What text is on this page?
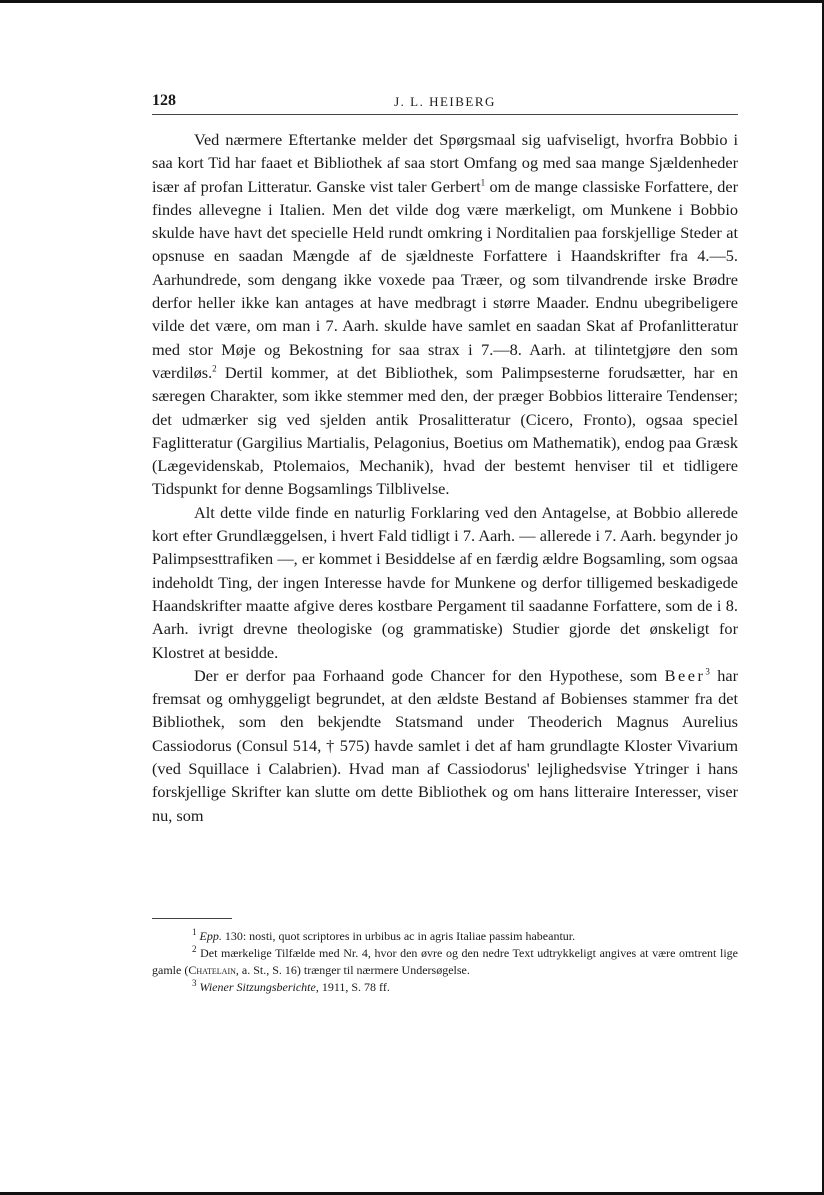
128	J. L. HEIBERG

Ved nærmere Eftertanke melder det Spørgsmaal sig uafviseligt, hvorfra Bobbio i saa kort Tid har faaet et Bibliothek af saa stort Omfang og med saa mange Sjældenheder især af profan Litteratur. Ganske vist taler Gerbert$^1$ om de mange classiske Forfattere, der findes allevegne i Italien. Men det vilde dog være mærkeligt, om Munkene i Bobbio skulde have havt det specielle Held rundt omkring i Norditalien paa forskjellige Steder at opsnuse en saadan Mængde af de sjældneste Forfattere i Haandskrifter fra 4.—5. Aarhundrede, som dengang ikke voxede paa Træer, og som tilvandrende irske Brødre derfor heller ikke kan antages at have medbragt i større Maader. Endnu ubegribeligere vilde det være, om man i 7. Aarh. skulde have samlet en saadan Skat af Profanlitteratur med stor Møje og Bekostning for saa strax i 7.—8. Aarh. at tilintetgjøre den som værdiløs.$^2$ Dertil kommer, at det Bibliothek, som Palimpsesterne forudsætter, har en særegen Charakter, som ikke stemmer med den, der præger Bobbios litteraire Tendenser; det udmærker sig ved sjelden antik Prosalitteratur (Cicero, Fronto), ogsaa speciel Faglitteratur (Gargilius Martialis, Pelagonius, Boetius om Mathematik), endog paa Græsk (Lægevidenskab, Ptolemaios, Mechanik), hvad der bestemt henviser til et tidligere Tidspunkt for denne Bogsamlings Tilblivelse.

Alt dette vilde finde en naturlig Forklaring ved den Antagelse, at Bobbio allerede kort efter Grundlæggelsen, i hvert Fald tidligt i 7. Aarh. — allerede i 7. Aarh. begynder jo Palimpsesttrafiken —, er kommet i Besiddelse af en færdig ældre Bogsamling, som ogsaa indeholdt Ting, der ingen Interesse havde for Munkene og derfor tilligemed beskadigede Haandskrifter maatte afgive deres kostbare Pergament til saadanne Forfattere, som de i 8. Aarh. ivrigt drevne theologiske (og grammatiske) Studier gjorde det ønskeligt for Klostret at besidde.

Der er derfor paa Forhaand gode Chancer for den Hypothese, som Beer$^3$ har fremsat og omhyggeligt begrundet, at den ældste Bestand af Bobienses stammer fra det Bibliothek, som den bekjendte Statsmand under Theoderich Magnus Aurelius Cassiodorus (Consul 514, † 575) havde samlet i det af ham grundlagte Kloster Vivarium (ved Squillace i Calabrien). Hvad man af Cassiodorus' lejlighedsvise Ytringer i hans forskjellige Skrifter kan slutte om dette Bibliothek og om hans litteraire Interesser, viser nu, som

$^1$ Epp. 130: nosti, quot scriptores in urbibus ac in agris Italiae passim habeantur.

$^2$ Det mærkelige Tilfælde med Nr. 4, hvor den øvre og den nedre Text udtrykkeligt angives at være omtrent lige gamle (Chatelain, a. St., S. 16) trænger til nærmere Undersøgelse.

$^3$ Wiener Sitzungsberichte, 1911, S. 78 ff.
